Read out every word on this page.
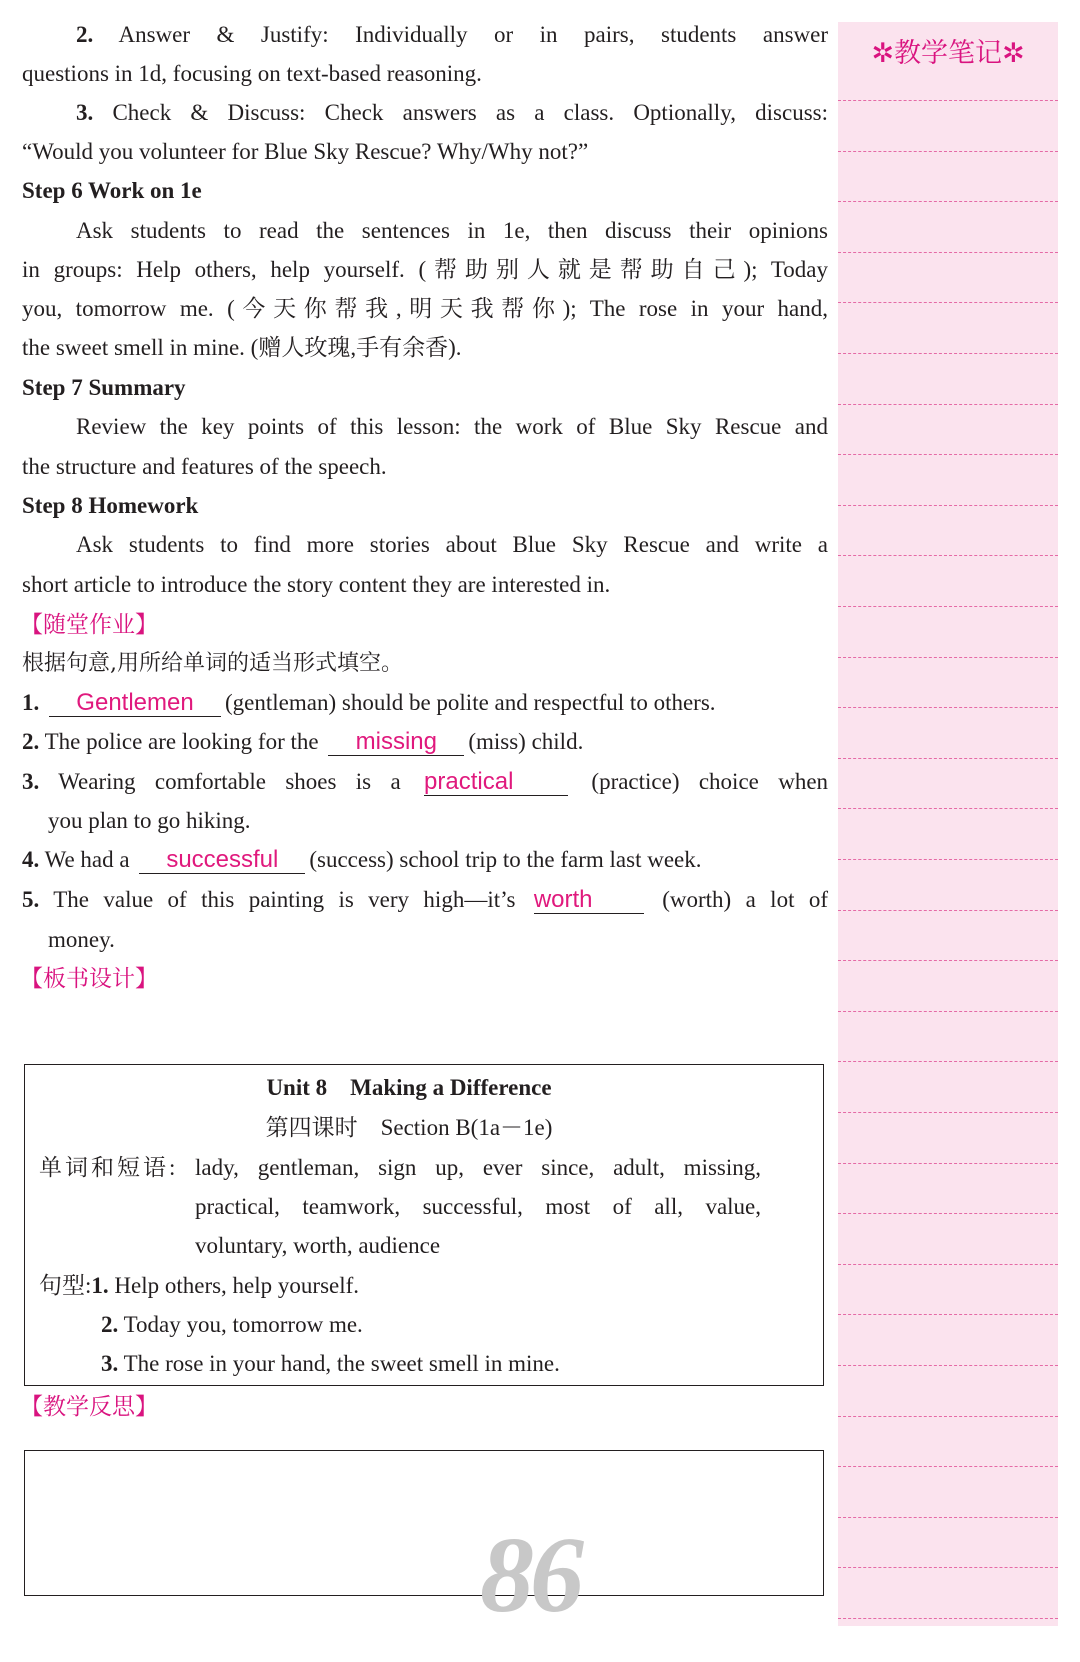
2. Answer & Justify: Individually or in pairs, students answer
questions in 1d, focusing on text-based reasoning.
3. Check & Discuss: Check answers as a class. Optionally, discuss:
“Would you volunteer for Blue Sky Rescue? Why/Why not?”
Step 6 Work on 1e
Ask students to read the sentences in 1e, then discuss their opinions
in groups: Help others, help yourself. (帮助别人就是帮助自己); Today
you, tomorrow me. (今天你帮我,明天我帮你); The rose in your hand,
the sweet smell in mine. (赠人玫瑰,手有余香).
Step 7 Summary
Review the key points of this lesson: the work of Blue Sky Rescue and
the structure and features of the speech.
Step 8 Homework
Ask students to find more stories about Blue Sky Rescue and write a
short article to introduce the story content they are interested in.
【随堂作业】
根据句意,用所给单词的适当形式填空。
1. Gentlemen (gentleman) should be polite and respectful to others.
2. The police are looking for the missing (miss) child.
3. Wearing comfortable shoes is a practical	(practice) choice when
you plan to go hiking.
4. We had a successful (success) school trip to the farm last week.
5. The value of this painting is very high—it’s worth	(worth) a lot of
money.
【板书设计】
Unit 8　Making a Difference
第四课时　Section B(1a－1e)
单词和短语: lady, gentleman, sign up, ever since, adult, missing,
practical, teamwork, successful, most of all, value,
voluntary, worth, audience
句型:1. Help others, help yourself.
2. Today you, tomorrow me.
3. The rose in your hand, the sweet smell in mine.
【教学反思】
86
✲教学笔记✲
